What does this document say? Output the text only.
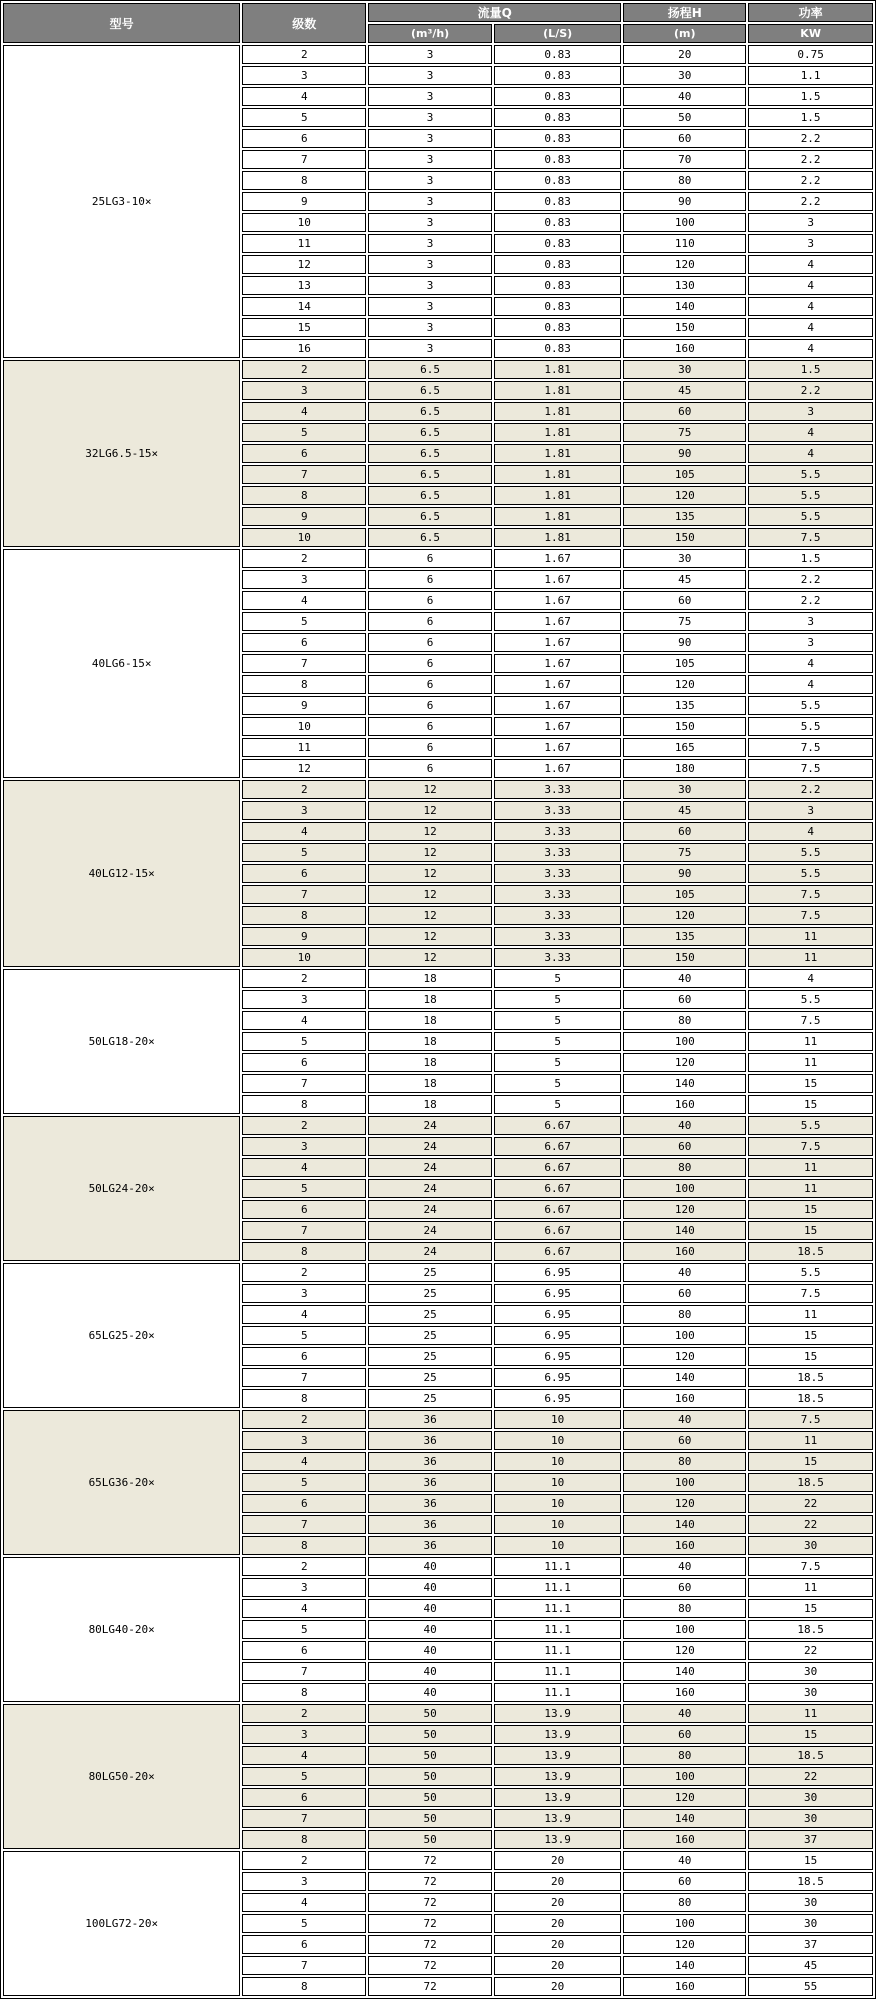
型号	级数	流量Q		扬程H	功率
		(m³/h)	(L/S)	(m)	KW
25LG3-10×	2	3	0.83	20	0.75
	3	3	0.83	30	1.1
	4	3	0.83	40	1.5
	5	3	0.83	50	1.5
	6	3	0.83	60	2.2
	7	3	0.83	70	2.2
	8	3	0.83	80	2.2
	9	3	0.83	90	2.2
	10	3	0.83	100	3
	11	3	0.83	110	3
	12	3	0.83	120	4
	13	3	0.83	130	4
	14	3	0.83	140	4
	15	3	0.83	150	4
	16	3	0.83	160	4
32LG6.5-15×	2	6.5	1.81	30	1.5
	3	6.5	1.81	45	2.2
	4	6.5	1.81	60	3
	5	6.5	1.81	75	4
	6	6.5	1.81	90	4
	7	6.5	1.81	105	5.5
	8	6.5	1.81	120	5.5
	9	6.5	1.81	135	5.5
	10	6.5	1.81	150	7.5
40LG6-15×	2	6	1.67	30	1.5
	3	6	1.67	45	2.2
	4	6	1.67	60	2.2
	5	6	1.67	75	3
	6	6	1.67	90	3
	7	6	1.67	105	4
	8	6	1.67	120	4
	9	6	1.67	135	5.5
	10	6	1.67	150	5.5
	11	6	1.67	165	7.5
	12	6	1.67	180	7.5
40LG12-15×	2	12	3.33	30	2.2
	3	12	3.33	45	3
	4	12	3.33	60	4
	5	12	3.33	75	5.5
	6	12	3.33	90	5.5
	7	12	3.33	105	7.5
	8	12	3.33	120	7.5
	9	12	3.33	135	11
	10	12	3.33	150	11
50LG18-20×	2	18	5	40	4
	3	18	5	60	5.5
	4	18	5	80	7.5
	5	18	5	100	11
	6	18	5	120	11
	7	18	5	140	15
	8	18	5	160	15
50LG24-20×	2	24	6.67	40	5.5
	3	24	6.67	60	7.5
	4	24	6.67	80	11
	5	24	6.67	100	11
	6	24	6.67	120	15
	7	24	6.67	140	15
	8	24	6.67	160	18.5
65LG25-20×	2	25	6.95	40	5.5
	3	25	6.95	60	7.5
	4	25	6.95	80	11
	5	25	6.95	100	15
	6	25	6.95	120	15
	7	25	6.95	140	18.5
	8	25	6.95	160	18.5
65LG36-20×	2	36	10	40	7.5
	3	36	10	60	11
	4	36	10	80	15
	5	36	10	100	18.5
	6	36	10	120	22
	7	36	10	140	22
	8	36	10	160	30
80LG40-20×	2	40	11.1	40	7.5
	3	40	11.1	60	11
	4	40	11.1	80	15
	5	40	11.1	100	18.5
	6	40	11.1	120	22
	7	40	11.1	140	30
	8	40	11.1	160	30
80LG50-20×	2	50	13.9	40	11
	3	50	13.9	60	15
	4	50	13.9	80	18.5
	5	50	13.9	100	22
	6	50	13.9	120	30
	7	50	13.9	140	30
	8	50	13.9	160	37
100LG72-20×	2	72	20	40	15
	3	72	20	60	18.5
	4	72	20	80	30
	5	72	20	100	30
	6	72	20	120	37
	7	72	20	140	45
	8	72	20	160	55
